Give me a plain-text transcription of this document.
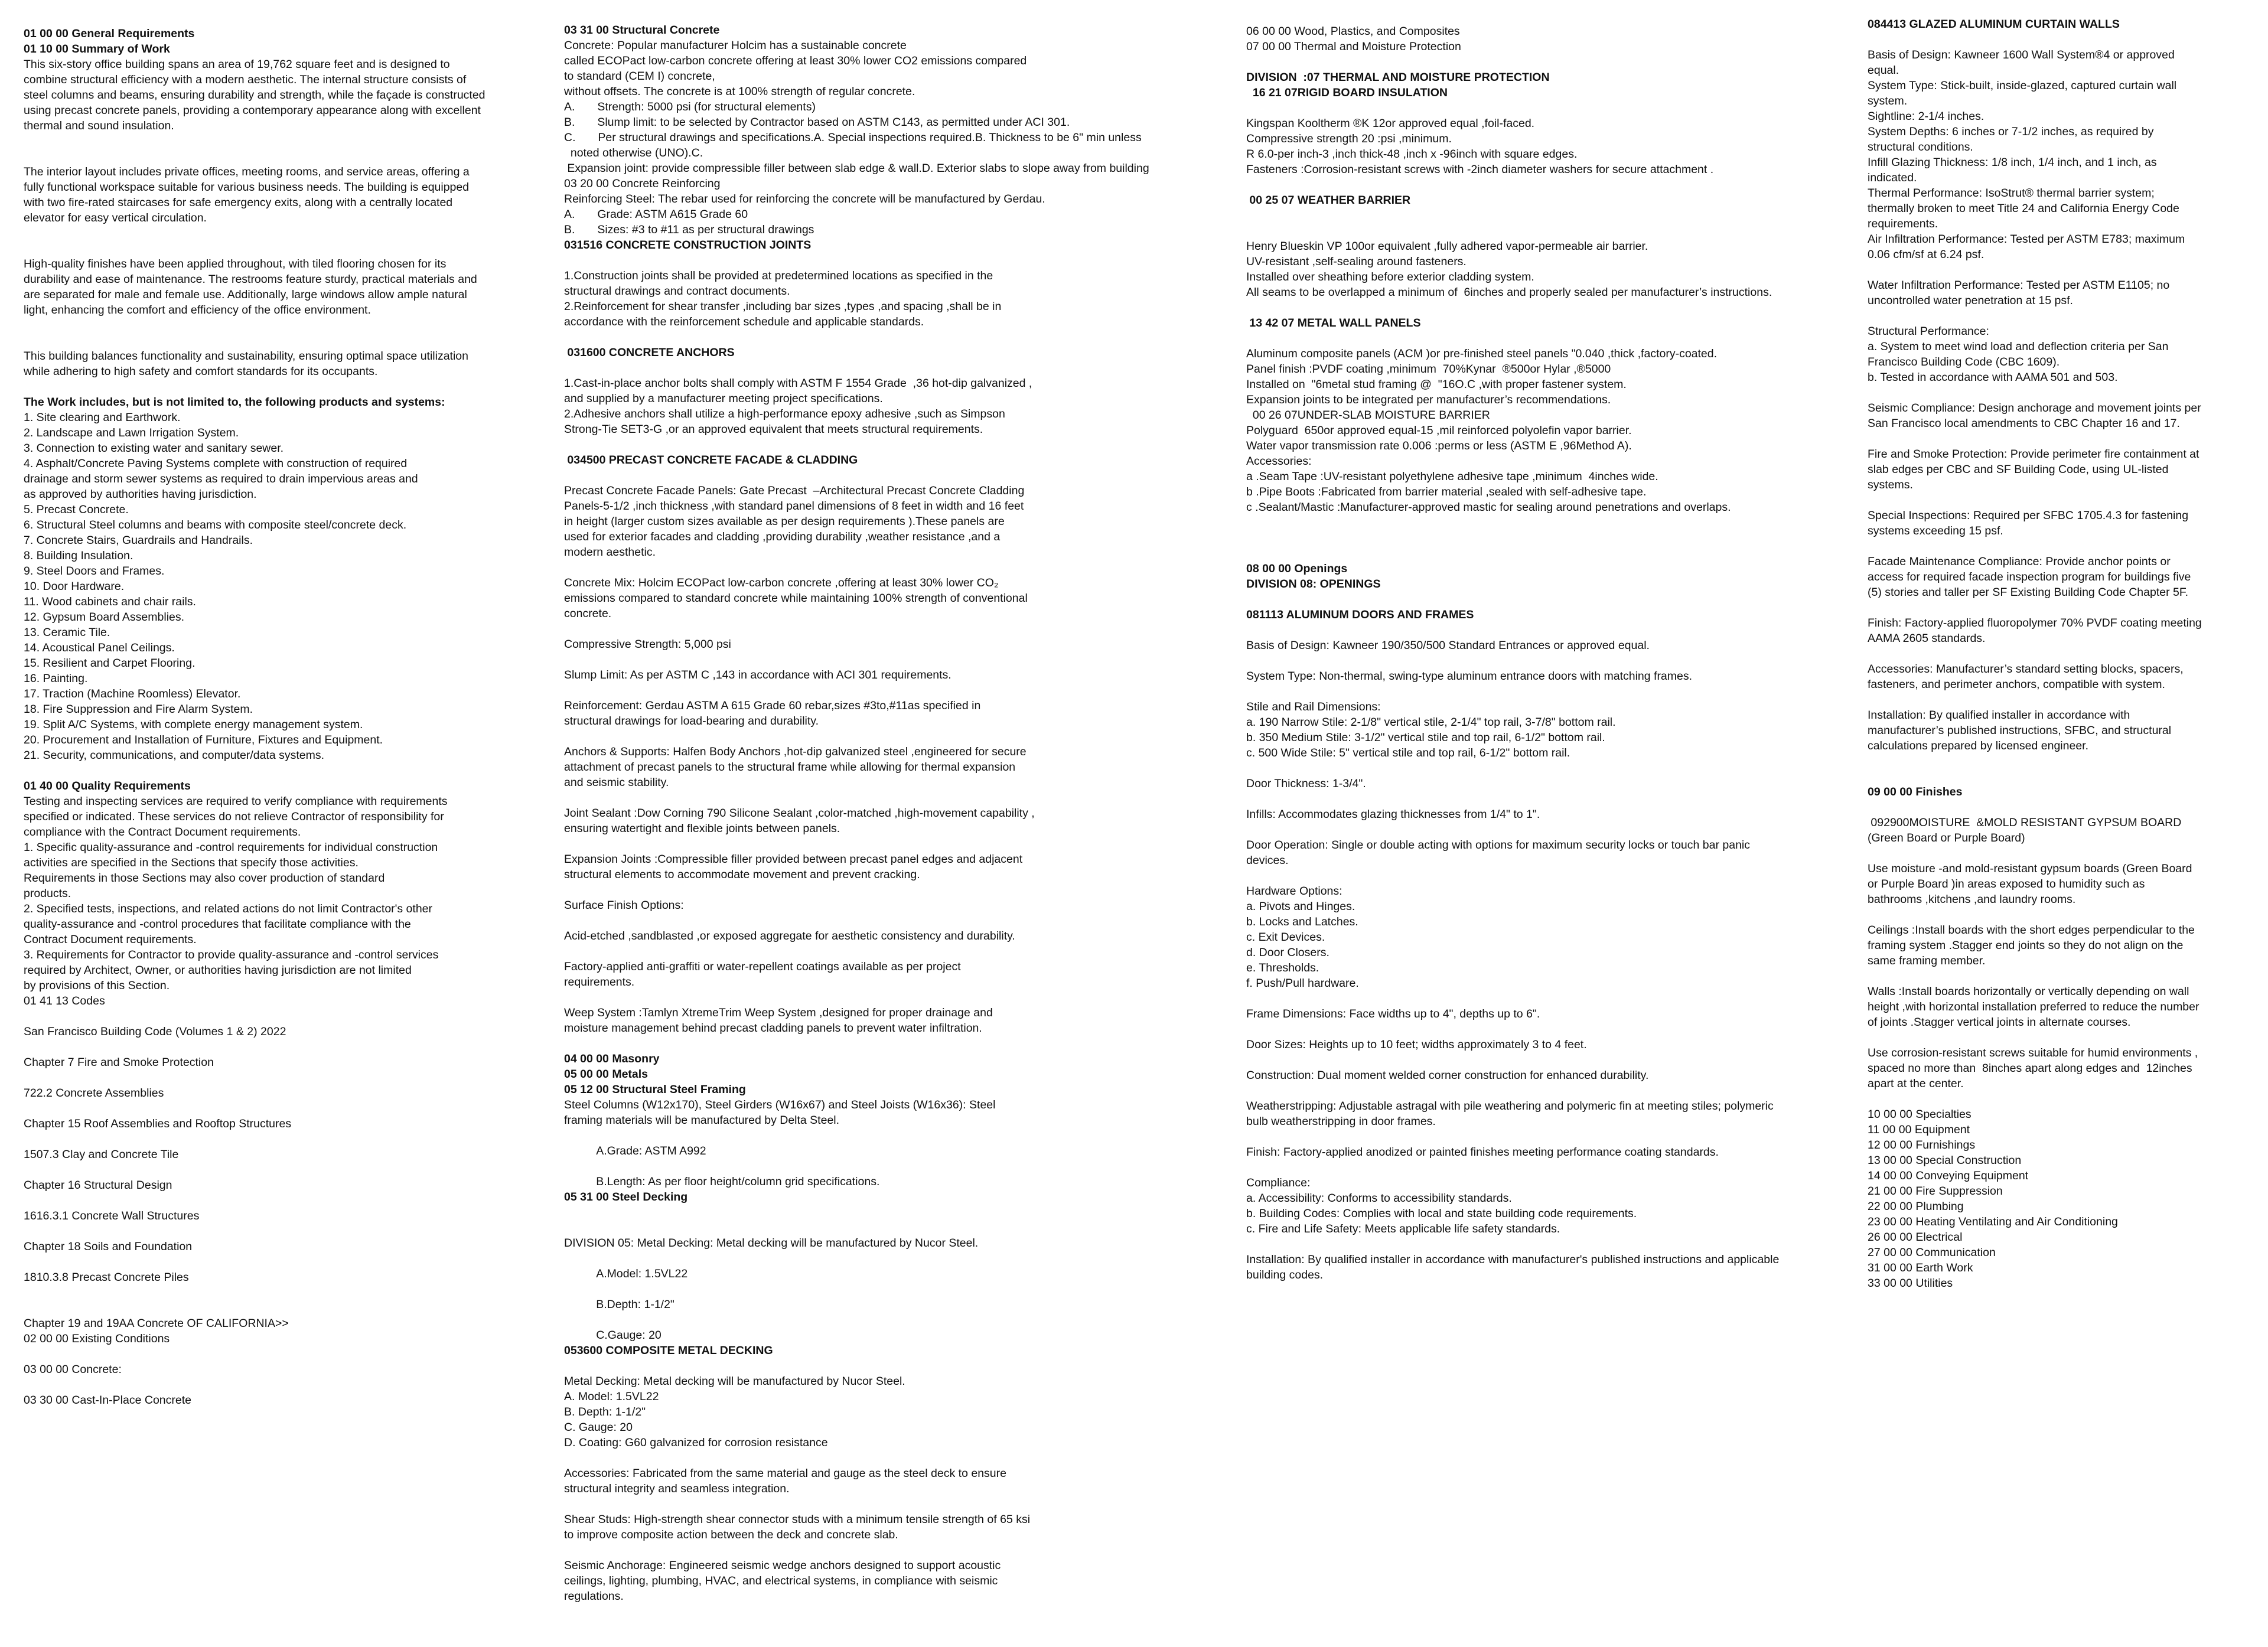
01 00 00 General Requirements
01 10 00 Summary of Work
This six-story office building spans an area of 19,762 square feet and is designed to
combine structural efficiency with a modern aesthetic. The internal structure consists of
steel columns and beams, ensuring durability and strength, while the façade is constructed
using precast concrete panels, providing a contemporary appearance along with excellent
thermal and sound insulation.
The interior layout includes private offices, meeting rooms, and service areas, offering a
fully functional workspace suitable for various business needs. The building is equipped
with two fire-rated staircases for safe emergency exits, along with a centrally located
elevator for easy vertical circulation.
High-quality finishes have been applied throughout, with tiled flooring chosen for its
durability and ease of maintenance. The restrooms feature sturdy, practical materials and
are separated for male and female use. Additionally, large windows allow ample natural
light, enhancing the comfort and efficiency of the office environment.
This building balances functionality and sustainability, ensuring optimal space utilization
while adhering to high safety and comfort standards for its occupants.
The Work includes, but is not limited to, the following products and systems:
1. Site clearing and Earthwork.
2. Landscape and Lawn Irrigation System.
3. Connection to existing water and sanitary sewer.
4. Asphalt/Concrete Paving Systems complete with construction of required
drainage and storm sewer systems as required to drain impervious areas and
as approved by authorities having jurisdiction.
5. Precast Concrete.
6. Structural Steel columns and beams with composite steel/concrete deck.
7. Concrete Stairs, Guardrails and Handrails.
8. Building Insulation.
9. Steel Doors and Frames.
10. Door Hardware.
11. Wood cabinets and chair rails.
12. Gypsum Board Assemblies.
13. Ceramic Tile.
14. Acoustical Panel Ceilings.
15. Resilient and Carpet Flooring.
16. Painting.
17. Traction (Machine Roomless) Elevator.
18. Fire Suppression and Fire Alarm System.
19. Split A/C Systems, with complete energy management system.
20. Procurement and Installation of Furniture, Fixtures and Equipment.
21. Security, communications, and computer/data systems.
01 40 00 Quality Requirements
Testing and inspecting services are required to verify compliance with requirements
specified or indicated. These services do not relieve Contractor of responsibility for
compliance with the Contract Document requirements.
1. Specific quality-assurance and -control requirements for individual construction
activities are specified in the Sections that specify those activities.
Requirements in those Sections may also cover production of standard
products.
2. Specified tests, inspections, and related actions do not limit Contractor's other
quality-assurance and -control procedures that facilitate compliance with the
Contract Document requirements.
3. Requirements for Contractor to provide quality-assurance and -control services
required by Architect, Owner, or authorities having jurisdiction are not limited
by provisions of this Section.
01 41 13 Codes
San Francisco Building Code (Volumes 1 & 2) 2022
Chapter 7 Fire and Smoke Protection
722.2 Concrete Assemblies
Chapter 15 Roof Assemblies and Rooftop Structures
1507.3 Clay and Concrete Tile
Chapter 16 Structural Design
1616.3.1 Concrete Wall Structures
Chapter 18 Soils and Foundation
1810.3.8 Precast Concrete Piles
Chapter 19 and 19AA Concrete OF CALIFORNIA>>
02 00 00 Existing Conditions
03 00 00 Concrete:
03 30 00 Cast-In-Place Concrete
03 31 00 Structural Concrete
Concrete: Popular manufacturer Holcim has a sustainable concrete
called ECOPact low-carbon concrete offering at least 30% lower CO2 emissions compared
to standard (CEM I) concrete,
without offsets. The concrete is at 100% strength of regular concrete.
A.       Strength: 5000 psi (for structural elements)
B.       Slump limit: to be selected by Contractor based on ASTM C143, as permitted under ACI 301.
C.       Per structural drawings and specifications.A. Special inspections required.B. Thickness to be 6" min unless
noted otherwise (UNO).C.
Expansion joint: provide compressible filler between slab edge & wall.D. Exterior slabs to slope away from building
03 20 00 Concrete Reinforcing
Reinforcing Steel: The rebar used for reinforcing the concrete will be manufactured by Gerdau.
A.       Grade: ASTM A615 Grade 60
B.       Sizes: #3 to #11 as per structural drawings
031516 CONCRETE CONSTRUCTION JOINTS
1.Construction joints shall be provided at predetermined locations as specified in the
structural drawings and contract documents.
2.Reinforcement for shear transfer ,including bar sizes ,types ,and spacing ,shall be in
accordance with the reinforcement schedule and applicable standards.
031600 CONCRETE ANCHORS
1.Cast-in-place anchor bolts shall comply with ASTM F 1554 Grade  ,36 hot-dip galvanized ,
and supplied by a manufacturer meeting project specifications.
2.Adhesive anchors shall utilize a high-performance epoxy adhesive ,such as Simpson
Strong-Tie SET3-G ,or an approved equivalent that meets structural requirements.
034500 PRECAST CONCRETE FACADE & CLADDING
Precast Concrete Facade Panels: Gate Precast  –Architectural Precast Concrete Cladding
Panels-5-1/2 ,inch thickness ,with standard panel dimensions of 8 feet in width and 16 feet
in height (larger custom sizes available as per design requirements ).These panels are
used for exterior facades and cladding ,providing durability ,weather resistance ,and a
modern aesthetic.
Concrete Mix: Holcim ECOPact low-carbon concrete ,offering at least 30% lower CO₂
emissions compared to standard concrete while maintaining 100% strength of conventional
concrete.
Compressive Strength: 5,000 psi
Slump Limit: As per ASTM C ,143 in accordance with ACI 301 requirements.
Reinforcement: Gerdau ASTM A 615 Grade 60 rebar,sizes #3to,#11as specified in
structural drawings for load-bearing and durability.
Anchors & Supports: Halfen Body Anchors ,hot-dip galvanized steel ,engineered for secure
attachment of precast panels to the structural frame while allowing for thermal expansion
and seismic stability.
Joint Sealant :Dow Corning 790 Silicone Sealant ,color-matched ,high-movement capability ,
ensuring watertight and flexible joints between panels.
Expansion Joints :Compressible filler provided between precast panel edges and adjacent
structural elements to accommodate movement and prevent cracking.
Surface Finish Options:
Acid-etched ,sandblasted ,or exposed aggregate for aesthetic consistency and durability.
Factory-applied anti-graffiti or water-repellent coatings available as per project
requirements.
Weep System :Tamlyn XtremeTrim Weep System ,designed for proper drainage and
moisture management behind precast cladding panels to prevent water infiltration.
04 00 00 Masonry
05 00 00 Metals
05 12 00 Structural Steel Framing
Steel Columns (W12x170), Steel Girders (W16x67) and Steel Joists (W16x36): Steel
framing materials will be manufactured by Delta Steel.
A.Grade: ASTM A992
B.Length: As per floor height/column grid specifications.
05 31 00 Steel Decking
DIVISION 05: Metal Decking: Metal decking will be manufactured by Nucor Steel.
A.Model: 1.5VL22
B.Depth: 1-1/2"
C.Gauge: 20
053600 COMPOSITE METAL DECKING
Metal Decking: Metal decking will be manufactured by Nucor Steel.
A. Model: 1.5VL22
B. Depth: 1-1/2"
C. Gauge: 20
D. Coating: G60 galvanized for corrosion resistance
Accessories: Fabricated from the same material and gauge as the steel deck to ensure
structural integrity and seamless integration.
Shear Studs: High-strength shear connector studs with a minimum tensile strength of 65 ksi
to improve composite action between the deck and concrete slab.
Seismic Anchorage: Engineered seismic wedge anchors designed to support acoustic
ceilings, lighting, plumbing, HVAC, and electrical systems, in compliance with seismic
regulations.
06 00 00 Wood, Plastics, and Composites
07 00 00 Thermal and Moisture Protection
DIVISION  :07 THERMAL AND MOISTURE PROTECTION
16 21 07RIGID BOARD INSULATION
Kingspan Kooltherm ®K 12or approved equal ,foil-faced.
Compressive strength 20 :psi ,minimum.
R 6.0-per inch-3 ,inch thick-48 ,inch x -96inch with square edges.
Fasteners :Corrosion-resistant screws with -2inch diameter washers for secure attachment .
00 25 07 WEATHER BARRIER
Henry Blueskin VP 100or equivalent ,fully adhered vapor-permeable air barrier.
UV-resistant ,self-sealing around fasteners.
Installed over sheathing before exterior cladding system.
All seams to be overlapped a minimum of  6inches and properly sealed per manufacturer’s instructions.
13 42 07 METAL WALL PANELS
Aluminum composite panels (ACM )or pre-finished steel panels "0.040 ,thick ,factory-coated.
Panel finish :PVDF coating ,minimum  70%Kynar  ®500or Hylar ,®5000
Installed on  "6metal stud framing @  "16O.C ,with proper fastener system.
Expansion joints to be integrated per manufacturer’s recommendations.
00 26 07UNDER-SLAB MOISTURE BARRIER
Polyguard  650or approved equal-15 ,mil reinforced polyolefin vapor barrier.
Water vapor transmission rate 0.006 :perms or less (ASTM E ,96Method A).
Accessories:
a .Seam Tape :UV-resistant polyethylene adhesive tape ,minimum  4inches wide.
b .Pipe Boots :Fabricated from barrier material ,sealed with self-adhesive tape.
c .Sealant/Mastic :Manufacturer-approved mastic for sealing around penetrations and overlaps.
08 00 00 Openings
DIVISION 08: OPENINGS
081113 ALUMINUM DOORS AND FRAMES
Basis of Design: Kawneer 190/350/500 Standard Entrances or approved equal.
System Type: Non-thermal, swing-type aluminum entrance doors with matching frames.
Stile and Rail Dimensions:
a. 190 Narrow Stile: 2-1/8" vertical stile, 2-1/4" top rail, 3-7/8" bottom rail.
b. 350 Medium Stile: 3-1/2" vertical stile and top rail, 6-1/2" bottom rail.
c. 500 Wide Stile: 5" vertical stile and top rail, 6-1/2" bottom rail.
Door Thickness: 1-3/4".
Infills: Accommodates glazing thicknesses from 1/4" to 1".
Door Operation: Single or double acting with options for maximum security locks or touch bar panic
devices.
Hardware Options:
a. Pivots and Hinges.
b. Locks and Latches.
c. Exit Devices.
d. Door Closers.
e. Thresholds.
f. Push/Pull hardware.
Frame Dimensions: Face widths up to 4", depths up to 6".
Door Sizes: Heights up to 10 feet; widths approximately 3 to 4 feet.
Construction: Dual moment welded corner construction for enhanced durability.
Weatherstripping: Adjustable astragal with pile weathering and polymeric fin at meeting stiles; polymeric
bulb weatherstripping in door frames.
Finish: Factory-applied anodized or painted finishes meeting performance coating standards.
Compliance:
a. Accessibility: Conforms to accessibility standards.
b. Building Codes: Complies with local and state building code requirements.
c. Fire and Life Safety: Meets applicable life safety standards.
Installation: By qualified installer in accordance with manufacturer's published instructions and applicable
building codes.
084413 GLAZED ALUMINUM CURTAIN WALLS
Basis of Design: Kawneer 1600 Wall System®4 or approved
equal.
System Type: Stick-built, inside-glazed, captured curtain wall
system.
Sightline: 2-1/4 inches.
System Depths: 6 inches or 7-1/2 inches, as required by
structural conditions.
Infill Glazing Thickness: 1/8 inch, 1/4 inch, and 1 inch, as
indicated.
Thermal Performance: IsoStrut® thermal barrier system;
thermally broken to meet Title 24 and California Energy Code
requirements.
Air Infiltration Performance: Tested per ASTM E783; maximum
0.06 cfm/sf at 6.24 psf.
Water Infiltration Performance: Tested per ASTM E1105; no
uncontrolled water penetration at 15 psf.
Structural Performance:
a. System to meet wind load and deflection criteria per San
Francisco Building Code (CBC 1609).
b. Tested in accordance with AAMA 501 and 503.
Seismic Compliance: Design anchorage and movement joints per
San Francisco local amendments to CBC Chapter 16 and 17.
Fire and Smoke Protection: Provide perimeter fire containment at
slab edges per CBC and SF Building Code, using UL-listed
systems.
Special Inspections: Required per SFBC 1705.4.3 for fastening
systems exceeding 15 psf.
Facade Maintenance Compliance: Provide anchor points or
access for required facade inspection program for buildings five
(5) stories and taller per SF Existing Building Code Chapter 5F.
Finish: Factory-applied fluoropolymer 70% PVDF coating meeting
AAMA 2605 standards.
Accessories: Manufacturer’s standard setting blocks, spacers,
fasteners, and perimeter anchors, compatible with system.
Installation: By qualified installer in accordance with
manufacturer’s published instructions, SFBC, and structural
calculations prepared by licensed engineer.
09 00 00 Finishes
092900MOISTURE  &MOLD RESISTANT GYPSUM BOARD
(Green Board or Purple Board)
Use moisture -and mold-resistant gypsum boards (Green Board
or Purple Board )in areas exposed to humidity such as
bathrooms ,kitchens ,and laundry rooms.
Ceilings :Install boards with the short edges perpendicular to the
framing system .Stagger end joints so they do not align on the
same framing member.
Walls :Install boards horizontally or vertically depending on wall
height ,with horizontal installation preferred to reduce the number
of joints .Stagger vertical joints in alternate courses.
Use corrosion-resistant screws suitable for humid environments ,
spaced no more than  8inches apart along edges and  12inches
apart at the center.
10 00 00 Specialties
11 00 00 Equipment
12 00 00 Furnishings
13 00 00 Special Construction
14 00 00 Conveying Equipment
21 00 00 Fire Suppression
22 00 00 Plumbing
23 00 00 Heating Ventilating and Air Conditioning
26 00 00 Electrical
27 00 00 Communication
31 00 00 Earth Work
33 00 00 Utilities
